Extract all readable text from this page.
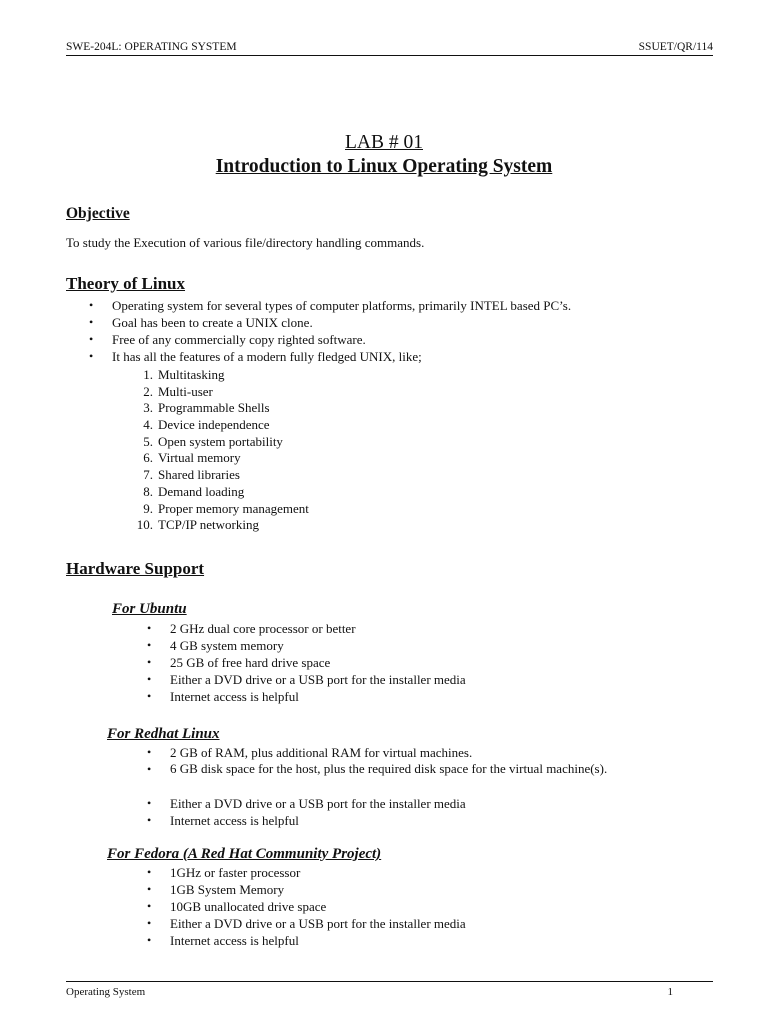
SWE-204L: OPERATING SYSTEM	SSUET/QR/114
LAB # 01
Introduction to Linux Operating System
Objective
To study the Execution of various file/directory handling commands.
Theory of Linux
• Operating system for several types of computer platforms, primarily INTEL based PC’s.
• Goal has been to create a UNIX clone.
• Free of any commercially copy righted software.
• It has all the features of a modern fully fledged UNIX, like;
1. Multitasking
2. Multi-user
3. Programmable Shells
4. Device independence
5. Open system portability
6. Virtual memory
7. Shared libraries
8. Demand loading
9. Proper memory management
10. TCP/IP networking
Hardware Support
For Ubuntu
• 2 GHz dual core processor or better
• 4 GB system memory
• 25 GB of free hard drive space
• Either a DVD drive or a USB port for the installer media
• Internet access is helpful
For Redhat Linux
• 2 GB of RAM, plus additional RAM for virtual machines.
• 6 GB disk space for the host, plus the required disk space for the virtual machine(s).
• Either a DVD drive or a USB port for the installer media
• Internet access is helpful
For Fedora (A Red Hat Community Project)
• 1GHz or faster processor
• 1GB System Memory
• 10GB unallocated drive space
• Either a DVD drive or a USB port for the installer media
• Internet access is helpful
Operating System	1
